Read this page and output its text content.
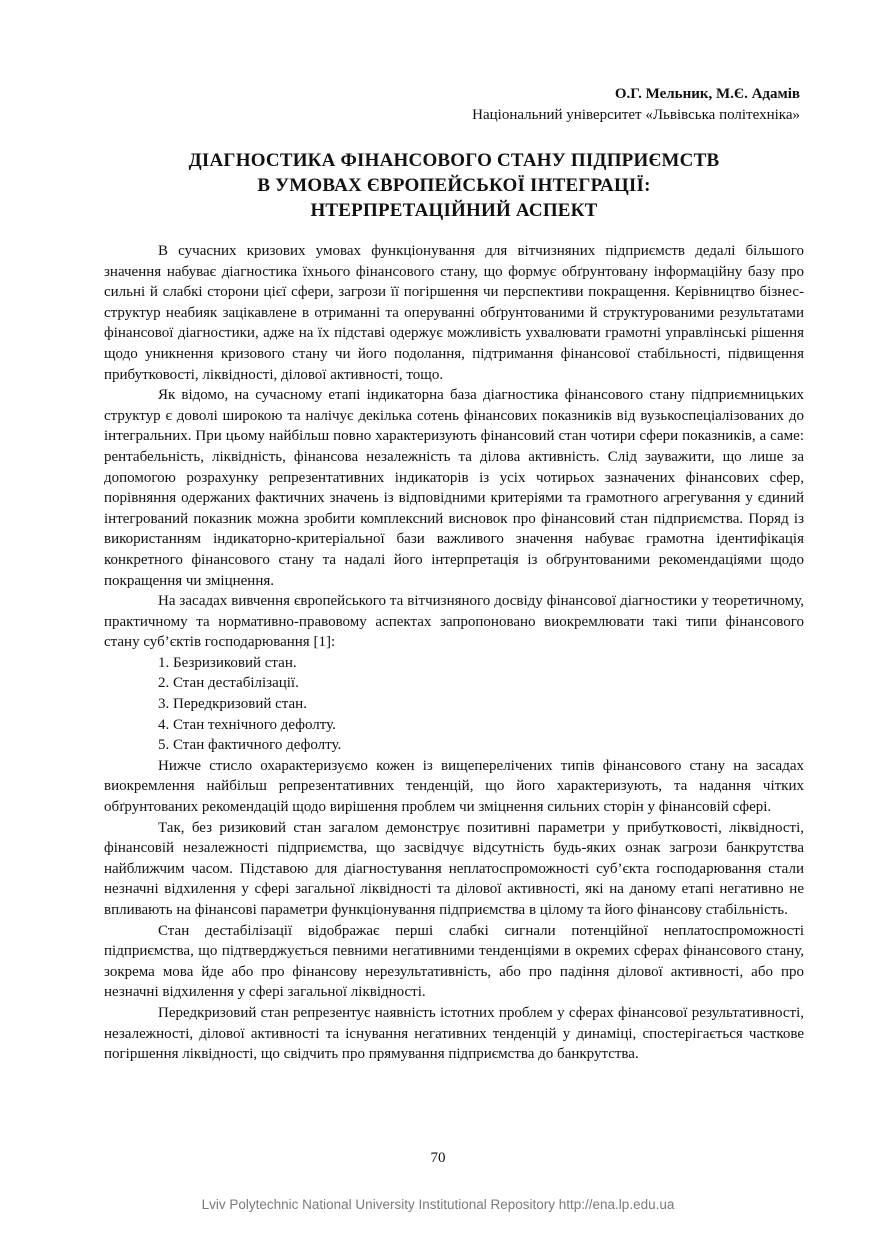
О.Г. Мельник, М.Є. Адамів
Національний університет «Львівська політехніка»
ДІАГНОСТИКА ФІНАНСОВОГО СТАНУ ПІДПРИЄМСТВ
В УМОВАХ ЄВРОПЕЙСЬКОЇ ІНТЕГРАЦІЇ:
НТЕРПРЕТАЦІЙНИЙ АСПЕКТ

В сучасних кризових умовах функціонування для вітчизняних підприємств дедалі більшого значення набуває діагностика їхнього фінансового стану, що формує обґрунтовану інформаційну базу про сильні й слабкі сторони цієї сфери, загрози її погіршення чи перспективи покращення. Керівництво бізнес-структур неабияк зацікавлене в отриманні та оперуванні обґрунтованими й структурованими результатами фінансової діагностики, адже на їх підставі одержує можливість ухвалювати грамотні управлінські рішення щодо уникнення кризового стану чи його подолання, підтримання фінансової стабільності, підвищення прибутковості, ліквідності, ділової активності, тощо.

Як відомо, на сучасному етапі індикаторна база діагностика фінансового стану підприємницьких структур є доволі широкою та налічує декілька сотень фінансових показників від вузькоспеціалізованих до інтегральних. При цьому найбільш повно характеризують фінансовий стан чотири сфери показників, а саме: рентабельність, ліквідність, фінансова незалежність та ділова активність. Слід зауважити, що лише за допомогою розрахунку репрезентативних індикаторів із усіх чотирьох зазначених фінансових сфер, порівняння одержаних фактичних значень із відповідними критеріями та грамотного агрегування у єдиний інтегрований показник можна зробити комплексний висновок про фінансовий стан підприємства. Поряд із використанням індикаторно-критеріальної бази важливого значення набуває грамотна ідентифікація конкретного фінансового стану та надалі його інтерпретація із обґрунтованими рекомендаціями щодо покращення чи зміцнення.

На засадах вивчення європейського та вітчизняного досвіду фінансової діагностики у теоретичному, практичному та нормативно-правовому аспектах запропоновано виокремлювати такі типи фінансового стану суб’єктів господарювання [1]:

1. Безризиковий стан.
2. Стан дестабілізації.
3. Передкризовий стан.
4. Стан технічного дефолту.
5. Стан фактичного дефолту.

Нижче стисло охарактеризуємо кожен із вищеперелічених типів фінансового стану на засадах виокремлення найбільш репрезентативних тенденцій, що його характеризують, та надання чітких обґрунтованих рекомендацій щодо вирішення проблем чи зміцнення сильних сторін у фінансовій сфері.

Так, без ризиковий стан загалом демонструє позитивні параметри у прибутковості, ліквідності, фінансовій незалежності підприємства, що засвідчує відсутність будь-яких ознак загрози банкрутства найближчим часом. Підставою для діагностування неплатоспроможності суб’єкта господарювання стали незначні відхилення у сфері загальної ліквідності та ділової активності, які на даному етапі негативно не впливають на фінансові параметри функціонування підприємства в цілому та його фінансову стабільність.

Стан дестабілізації відображає перші слабкі сигнали потенційної неплатоспроможності підприємства, що підтверджується певними негативними тенденціями в окремих сферах фінансового стану, зокрема мова йде або про фінансову нерезультативність, або про падіння ділової активності, або про незначні відхилення у сфері загальної ліквідності.

Передкризовий стан репрезентує наявність істотних проблем у сферах фінансової результативності, незалежності, ділової активності та існування негативних тенденцій у динаміці, спостерігається часткове погіршення ліквідності, що свідчить про прямування підприємства до банкрутства.

70
Lviv Polytechnic National University Institutional Repository http://ena.lp.edu.ua
